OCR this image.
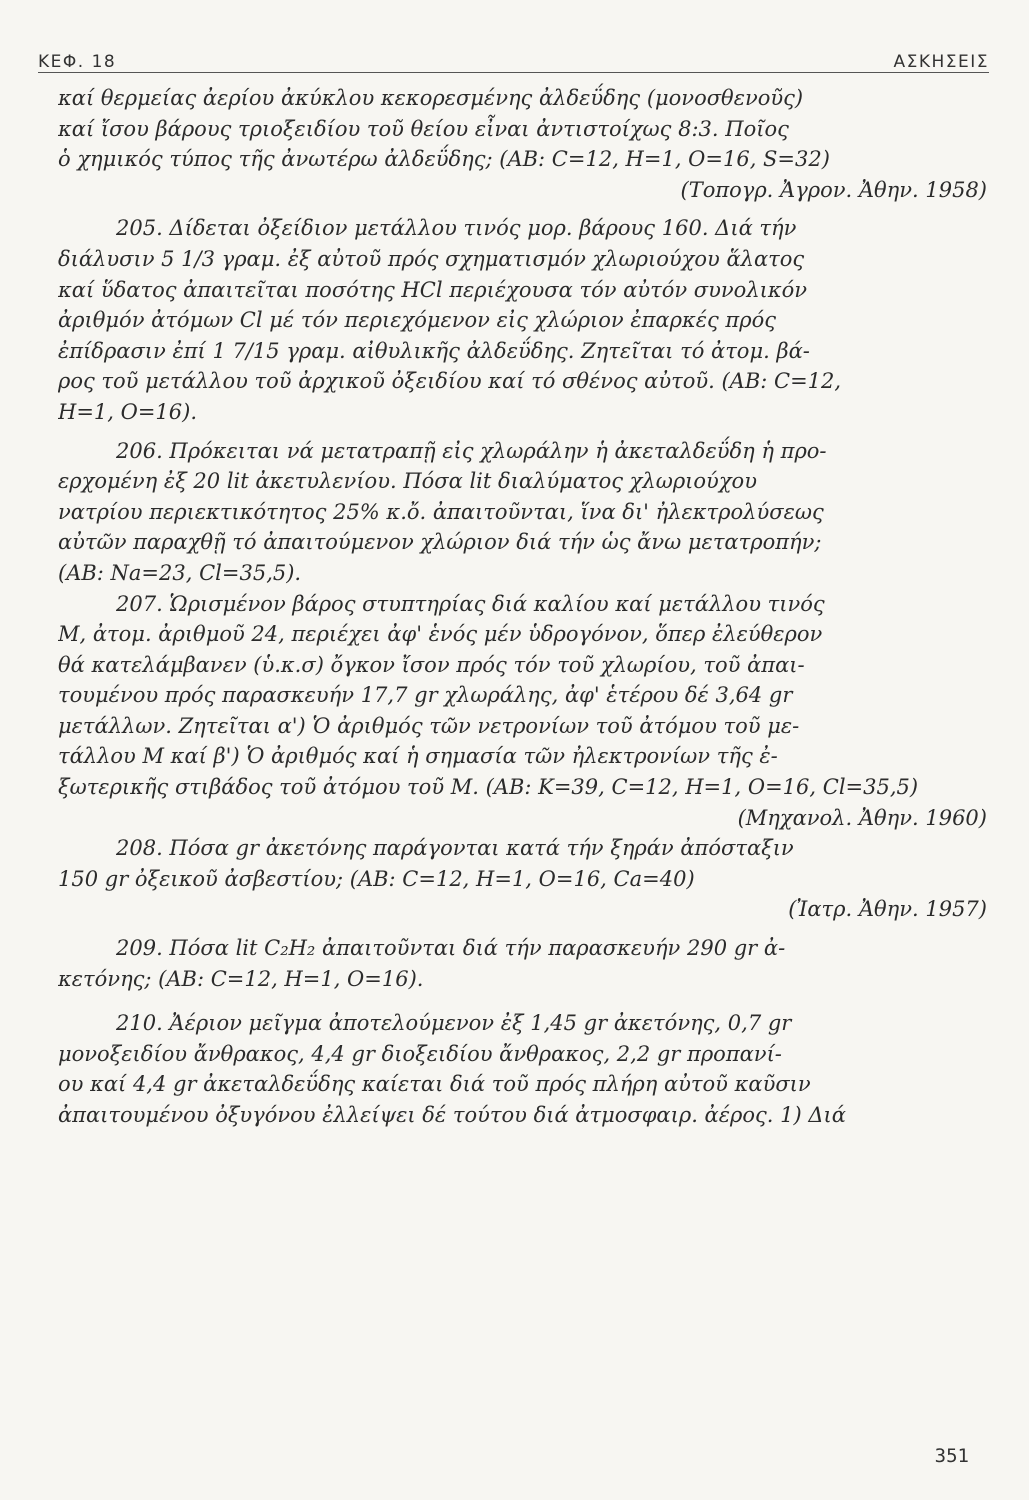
ΚΕΦ. 18	ΑΣΚΗΣΕΙΣ
καί θερμείας ἀερίου ἀκύκλου κεκορεσμένης ἀλδεΰδης (μονοσθενοῦς)
καί ἴσου βάρους τριοξειδίου τοῦ θείου εἶναι ἀντιστοίχως 8:3. Ποῖος
ὁ χημικός τύπος τῆς ἀνωτέρω ἀλδεΰδης; (ΑΒ: C=12, H=1, O=16, S=32)
(Τοπογρ. Ἀγρον. Ἀθην. 1958)
205. Δίδεται ὀξείδιον μετάλλου τινός μορ. βάρους 160. Διά τήν
διάλυσιν 5 1/3 γραμ. ἐξ αὐτοῦ πρός σχηματισμόν χλωριούχου ἅλατος
καί ὕδατος ἀπαιτεῖται ποσότης HCl περιέχουσα τόν αὐτόν συνολικόν
ἀριθμόν ἀτόμων Cl μέ τόν περιεχόμενον εἰς χλώριον ἐπαρκές πρός
ἐπίδρασιν ἐπί 1 7/15 γραμ. αἰθυλικῆς ἀλδεΰδης. Ζητεῖται τό ἀτομ. βά-
ρος τοῦ μετάλλου τοῦ ἀρχικοῦ ὀξειδίου καί τό σθένος αὐτοῦ. (ΑΒ: C=12,
H=1, O=16).
206. Πρόκειται νά μετατραπῇ εἰς χλωράλην ἡ ἀκεταλδεΰδη ἡ προ-
ερχομένη ἐξ 20 lit ἀκετυλενίου. Πόσα lit διαλύματος χλωριούχου
νατρίου περιεκτικότητος 25% κ.ὄ. ἀπαιτοῦνται, ἵνα δι' ἠλεκτρολύσεως
αὐτῶν παραχθῇ τό ἀπαιτούμενον χλώριον διά τήν ὡς ἄνω μετατροπήν;
(ΑΒ: Na=23, Cl=35,5).
207. Ὡρισμένον βάρος στυπτηρίας διά καλίου καί μετάλλου τινός
M, ἀτομ. ἀριθμοῦ 24, περιέχει ἀφ' ἑνός μέν ὑδρογόνον, ὅπερ ἐλεύθερον
θά κατελάμβανεν (ὑ.κ.σ) ὄγκον ἴσον πρός τόν τοῦ χλωρίου, τοῦ ἀπαι-
τουμένου πρός παρασκευήν 17,7 gr χλωράλης, ἀφ' ἑτέρου δέ 3,64 gr
μετάλλων. Ζητεῖται α') Ὁ ἀριθμός τῶν νετρονίων τοῦ ἀτόμου τοῦ με-
τάλλου M καί β') Ὁ ἀριθμός καί ἡ σημασία τῶν ἠλεκτρονίων τῆς ἐ-
ξωτερικῆς στιβάδος τοῦ ἀτόμου τοῦ M. (ΑΒ: K=39, C=12, H=1, O=16, Cl=35,5)
(Μηχανολ. Ἀθην. 1960)
208. Πόσα gr ἀκετόνης παράγονται κατά τήν ξηράν ἀπόσταξιν
150 gr ὀξεικοῦ ἀσβεστίου; (ΑΒ: C=12, H=1, O=16, Ca=40)
(Ἰατρ. Ἀθην. 1957)
209. Πόσα lit C₂H₂ ἀπαιτοῦνται διά τήν παρασκευήν 290 gr ἀ-
κετόνης; (ΑΒ: C=12, H=1, O=16).
210. Ἀέριον μεῖγμα ἀποτελούμενον ἐξ 1,45 gr ἀκετόνης, 0,7 gr
μονοξειδίου ἄνθρακος, 4,4 gr διοξειδίου ἄνθρακος, 2,2 gr προπανί-
ου καί 4,4 gr ἀκεταλδεΰδης καίεται διά τοῦ πρός πλήρη αὐτοῦ καῦσιν
ἀπαιτουμένου ὀξυγόνου ἐλλείψει δέ τούτου διά ἀτμοσφαιρ. ἀέρος. 1) Διά
351
